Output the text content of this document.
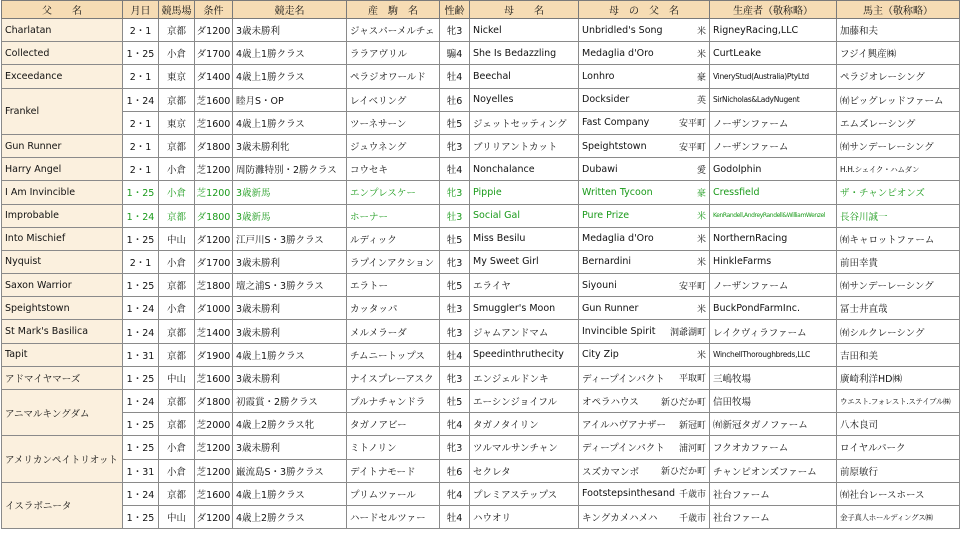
父　　名	月日	競馬場	条件	競走名	産　駒　名	性齢	母　　名	母　の　父　名	生産者（敬称略）	馬主（敬称略）
Charlatan	2・1	京都	ダ1200	3歳未勝利	ジャスパーメルチェ	牝3	Nickel	Unbridled's Song 米	RigneyRacing,LLC	加藤和夫
Collected	1・25	小倉	ダ1700	4歳上1勝クラス	ララアヴリル	騸4	She Is Bedazzling	Medaglia d'Oro 米	CurtLeake	フジイ興産㈱
Exceedance	2・1	東京	ダ1400	4歳上1勝クラス	ペラジオワールド	牡4	Beechal	Lonhro 豪	VineryStud(Australia)PtyLtd	ペラジオレーシング
Frankel	1・24	京都	芝1600	睦月S・OP	レイベリング	牡6	Noyelles	Docksider 英	SirNicholas&LadyNugent	㈲ビッグレッドファーム
	2・1	東京	芝1600	4歳上1勝クラス	ツーネサーン	牡5	ジェットセッティング	Fast Company 安平町	ノーザンファーム	エムズレーシング
Gun Runner	2・1	京都	ダ1800	3歳未勝利牝	ジュウネング	牝3	ブリリアントカット	Speightstown 安平町	ノーザンファーム	㈲サンデーレーシング
Harry Angel	2・1	小倉	芝1200	周防灘特別・2勝クラス	コウセキ	牡4	Nonchalance	Dubawi 愛	Godolphin	H.H.シェイク・ハムダン
I Am Invincible	1・25	小倉	芝1200	3歳新馬	エンプレスケー	牝3	Pippie	Written Tycoon 豪	Cressfield	ザ・チャンピオンズ
Improbable	1・24	京都	ダ1800	3歳新馬	ホーナー	牡3	Social Gal	Pure Prize 米	KenRandell,AndreyRandell&WilliamWenzel	長谷川誠一
Into Mischief	1・25	中山	ダ1200	江戸川S・3勝クラス	ルディック	牡5	Miss Besilu	Medaglia d'Oro 米	NorthernRacing	㈲キャロットファーム
Nyquist	2・1	小倉	ダ1700	3歳未勝利	ラプインアクション	牝3	My Sweet Girl	Bernardini 米	HinkleFarms	前田幸貴
Saxon Warrior	1・25	京都	芝1800	壇之浦S・3勝クラス	エラトー	牝5	エライヤ	Siyouni 安平町	ノーザンファーム	㈲サンデーレーシング
Speightstown	1・24	小倉	ダ1000	3歳未勝利	カッタッパ	牡3	Smuggler's Moon	Gun Runner 米	BuckPondFarmInc.	冨士井直哉
St Mark's Basilica	1・24	京都	芝1400	3歳未勝利	メルメラーダ	牝3	ジャムアンドマム	Invincible Spirit 洞爺湖町	レイクヴィラファーム	㈲シルクレーシング
Tapit	1・31	京都	ダ1900	4歳上1勝クラス	チムニートップス	牡4	Speedinthruthecity	City Zip 米	WinchellThoroughbreds,LLC	吉田和美
アドマイヤマーズ	1・25	中山	芝1600	3歳未勝利	ナイスプレーアスク	牝3	エンジェルドンキ	ディープインパクト 平取町	三嶋牧場	廣崎利洋HD㈱
アニマルキングダム	1・24	京都	ダ1800	初霞賞・2勝クラス	プルナチャンドラ	牡5	エーシンジョイフル	オペラハウス 新ひだか町	信田牧場	ウエスト.フォレスト.ステイブル㈱
	1・25	京都	芝2000	4歳上2勝クラス牝	タガノアビー	牝4	タガノタイリン	アイルハヴアナザー 新冠町	㈲新冠タガノファーム	八木良司
アメリカンペイトリオット	1・25	小倉	芝1200	3歳未勝利	ミトノリン	牝3	ツルマルサンチャン	ディープインパクト 浦河町	フクオカファーム	ロイヤルパーク
	1・31	小倉	芝1200	巌流島S・3勝クラス	デイトナモード	牡6	セクレタ	スズカマンボ 新ひだか町	チャンピオンズファーム	前原敏行
イスラボニータ	1・24	京都	芝1600	4歳上1勝クラス	プリムツァール	牝4	プレミアステップス	Footstepsinthesand 千歳市	社台ファーム	㈲社台レースホース
	1・25	中山	ダ1200	4歳上2勝クラス	ハードセルツァー	牡4	ハウオリ	キングカメハメハ 千歳市	社台ファーム	金子真人ホールディングス㈱
